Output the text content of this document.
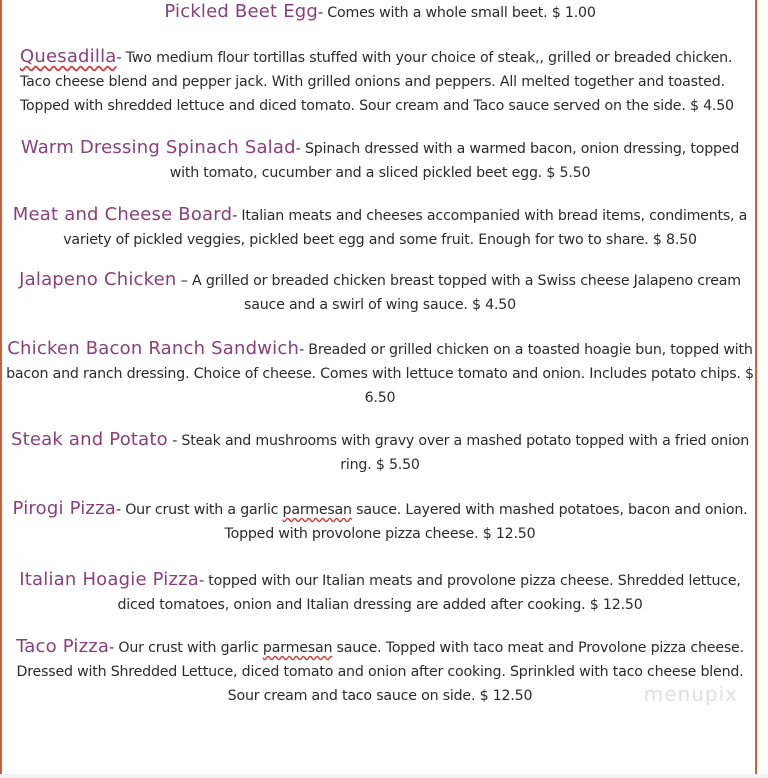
Pickled Beet Egg- Comes with a whole small beet. $ 1.00

Quesadilla- Two medium flour tortillas stuffed with your choice of steak,, grilled or breaded chicken. Taco cheese blend and pepper jack. With grilled onions and peppers. All melted together and toasted. Topped with shredded lettuce and diced tomato. Sour cream and Taco sauce served on the side. $ 4.50

Warm Dressing Spinach Salad- Spinach dressed with a warmed bacon, onion dressing, topped with tomato, cucumber and a sliced pickled beet egg. $ 5.50

Meat and Cheese Board- Italian meats and cheeses accompanied with bread items, condiments, a variety of pickled veggies, pickled beet egg and some fruit. Enough for two to share. $ 8.50

Jalapeno Chicken – A grilled or breaded chicken breast topped with a Swiss cheese Jalapeno cream sauce and a swirl of wing sauce. $ 4.50

Chicken Bacon Ranch Sandwich- Breaded or grilled chicken on a toasted hoagie bun, topped with bacon and ranch dressing. Choice of cheese. Comes with lettuce tomato and onion. Includes potato chips. $ 6.50

Steak and Potato - Steak and mushrooms with gravy over a mashed potato topped with a fried onion ring. $ 5.50

Pirogi Pizza- Our crust with a garlic parmesan sauce. Layered with mashed potatoes, bacon and onion. Topped with provolone pizza cheese. $ 12.50

Italian Hoagie Pizza- topped with our Italian meats and provolone pizza cheese. Shredded lettuce, diced tomatoes, onion and Italian dressing are added after cooking. $ 12.50

Taco Pizza- Our crust with garlic parmesan sauce. Topped with taco meat and Provolone pizza cheese. Dressed with Shredded Lettuce, diced tomato and onion after cooking. Sprinkled with taco cheese blend. Sour cream and taco sauce on side. $ 12.50	menupix
